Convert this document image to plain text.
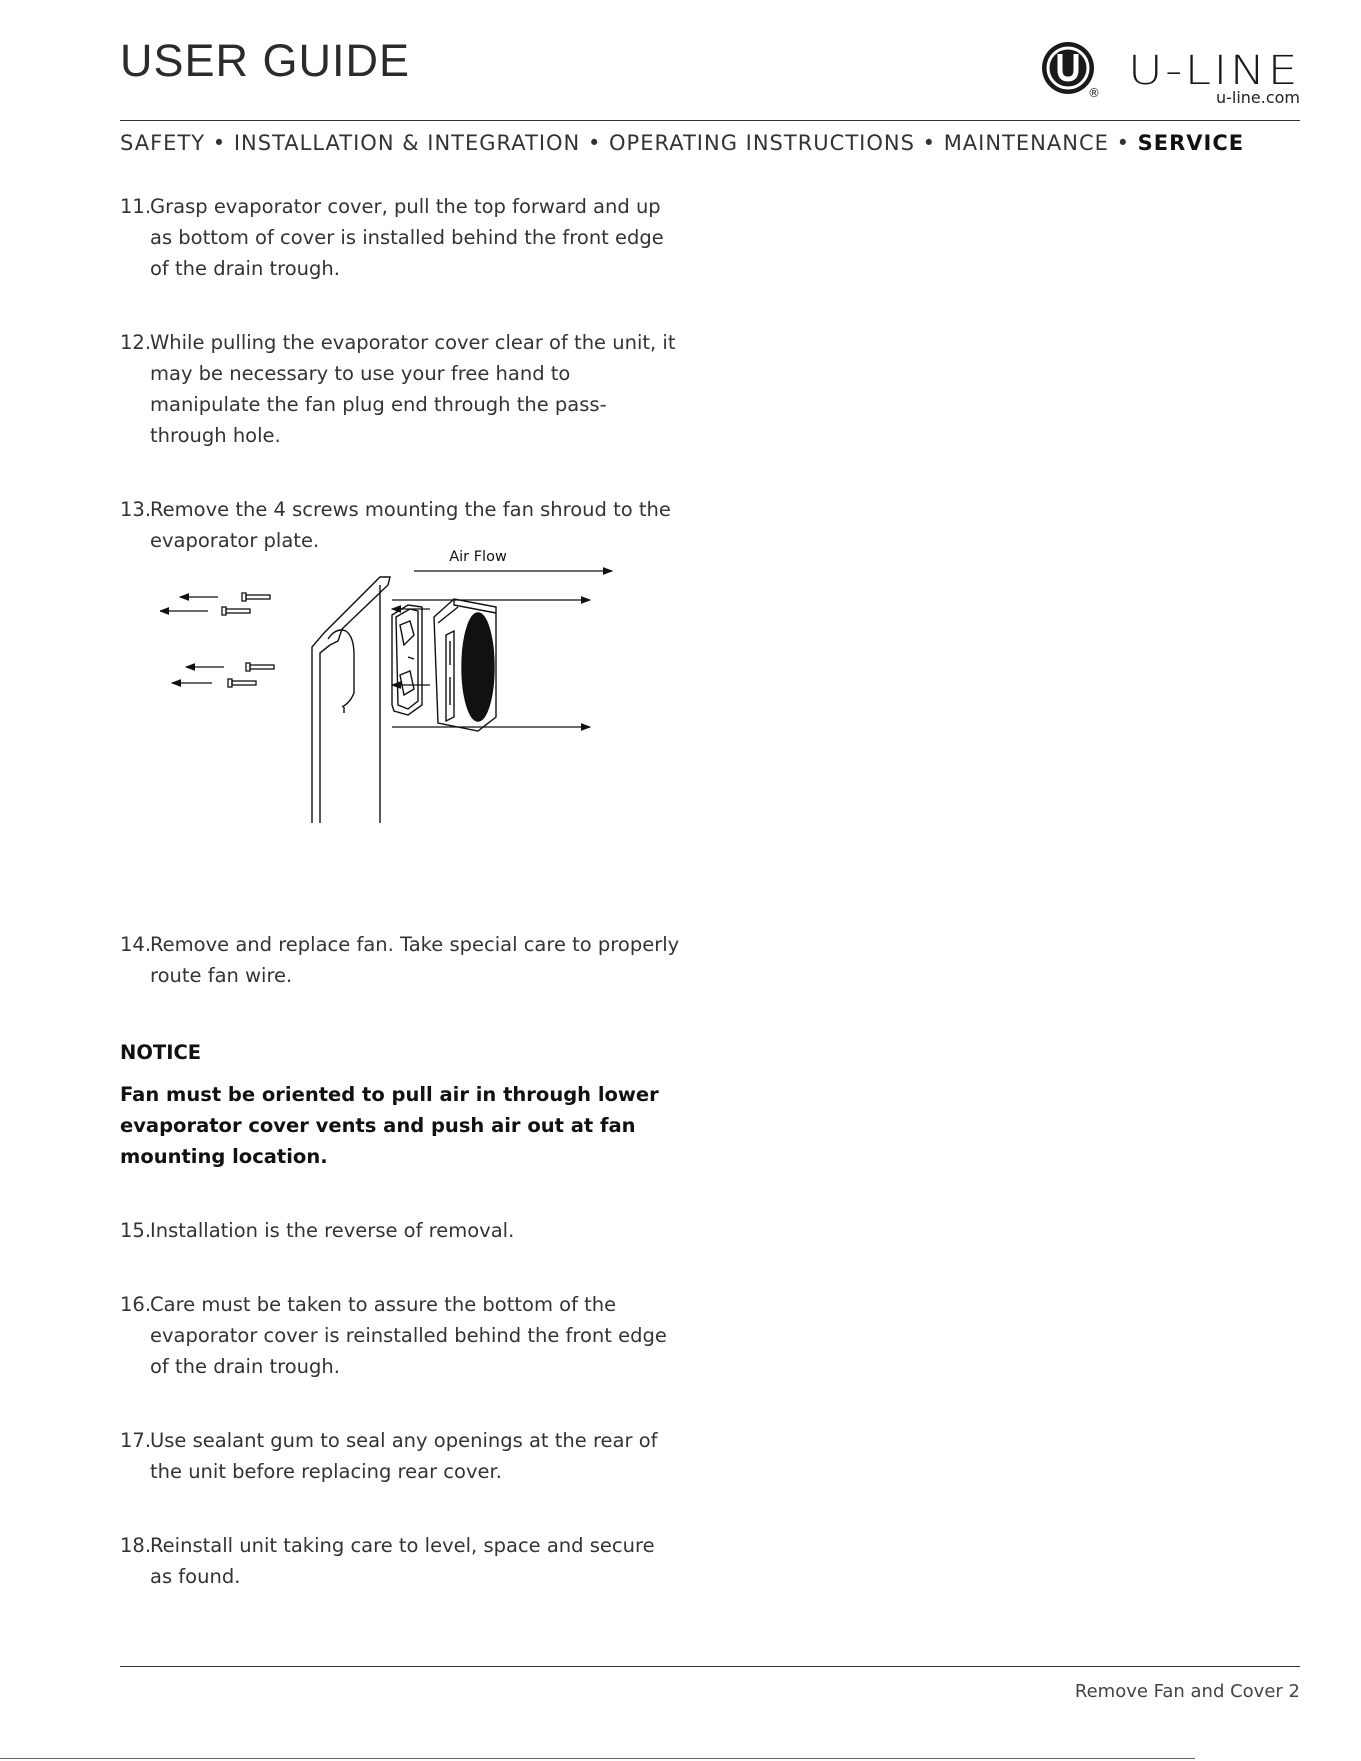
USER GUIDE
® U-LINE
u-line.com
SAFETY • INSTALLATION & INTEGRATION • OPERATING INSTRUCTIONS • MAINTENANCE • SERVICE
11.
Grasp evaporator cover, pull the top forward and up as bottom of cover is installed behind the front edge of the drain trough.
12.
While pulling the evaporator cover clear of the unit, it may be necessary to use your free hand to manipulate the fan plug end through the pass-through hole.
13.
Remove the 4 screws mounting the fan shroud to the evaporator plate.
14.
Remove and replace fan. Take special care to properly route fan wire.
NOTICE
Fan must be oriented to pull air in through lower evaporator cover vents and push air out at fan mounting location.
15.
Installation is the reverse of removal.
16.
Care must be taken to assure the bottom of the evaporator cover is reinstalled behind the front edge of the drain trough.
17.
Use sealant gum to seal any openings at the rear of the unit before replacing rear cover.
18.
Reinstall unit taking care to level, space and secure as found.
Air Flow
Remove Fan and Cover 2
